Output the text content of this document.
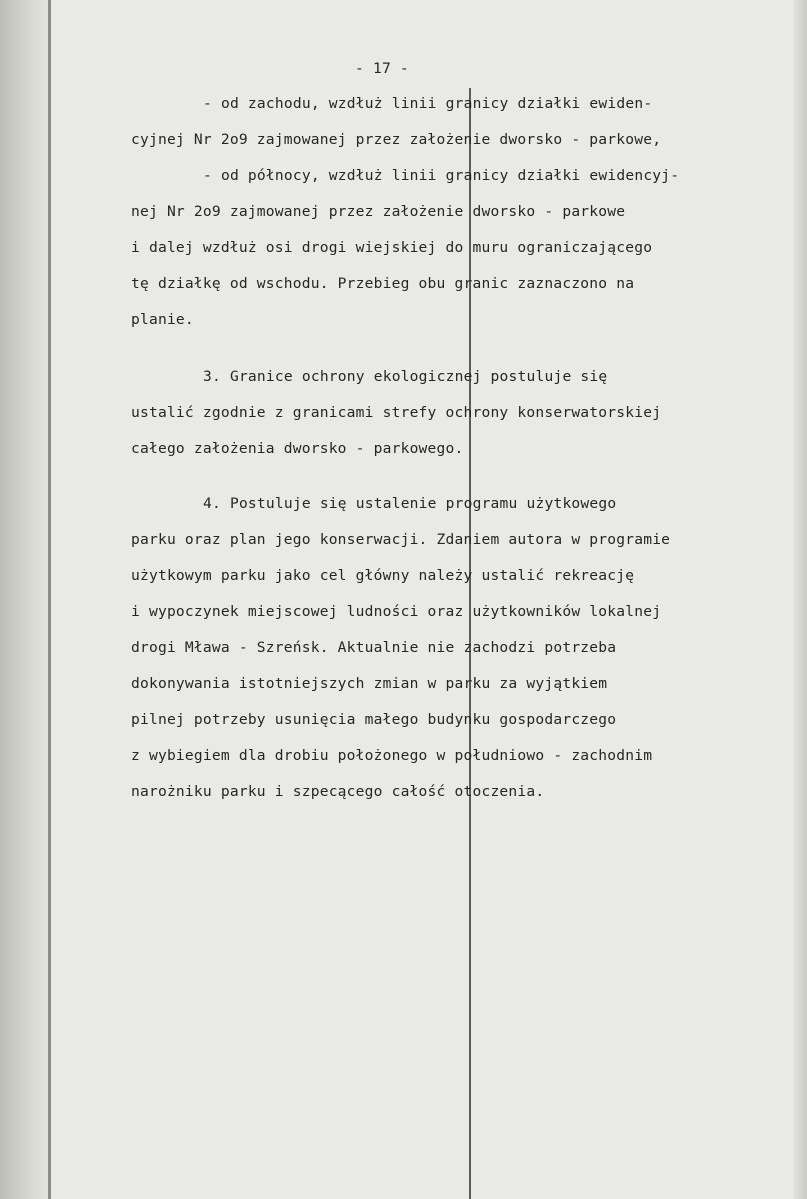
- 17 -
- od zachodu, wzdłuż linii granicy działki ewiden-
cyjnej Nr 2o9 zajmowanej przez założenie dworsko - parkowe,
- od północy, wzdłuż linii granicy działki ewidencyj-
nej Nr 2o9 zajmowanej przez założenie dworsko - parkowe
i dalej wzdłuż osi drogi wiejskiej do muru ograniczającego
tę działkę od wschodu. Przebieg obu granic zaznaczono na
planie.
3. Granice ochrony ekologicznej postuluje się
ustalić zgodnie z granicami strefy ochrony konserwatorskiej
całego założenia dworsko - parkowego.
4. Postuluje się ustalenie programu użytkowego
parku oraz plan jego konserwacji. Zdaniem autora w programie
użytkowym parku jako cel główny należy ustalić rekreację
i wypoczynek miejscowej ludności oraz użytkowników lokalnej
drogi Mława - Szreńsk. Aktualnie nie zachodzi potrzeba
dokonywania istotniejszych zmian w parku za wyjątkiem
pilnej potrzeby usunięcia małego budynku gospodarczego
z wybiegiem dla drobiu położonego w południowo - zachodnim
narożniku parku i szpecącego całość otoczenia.
